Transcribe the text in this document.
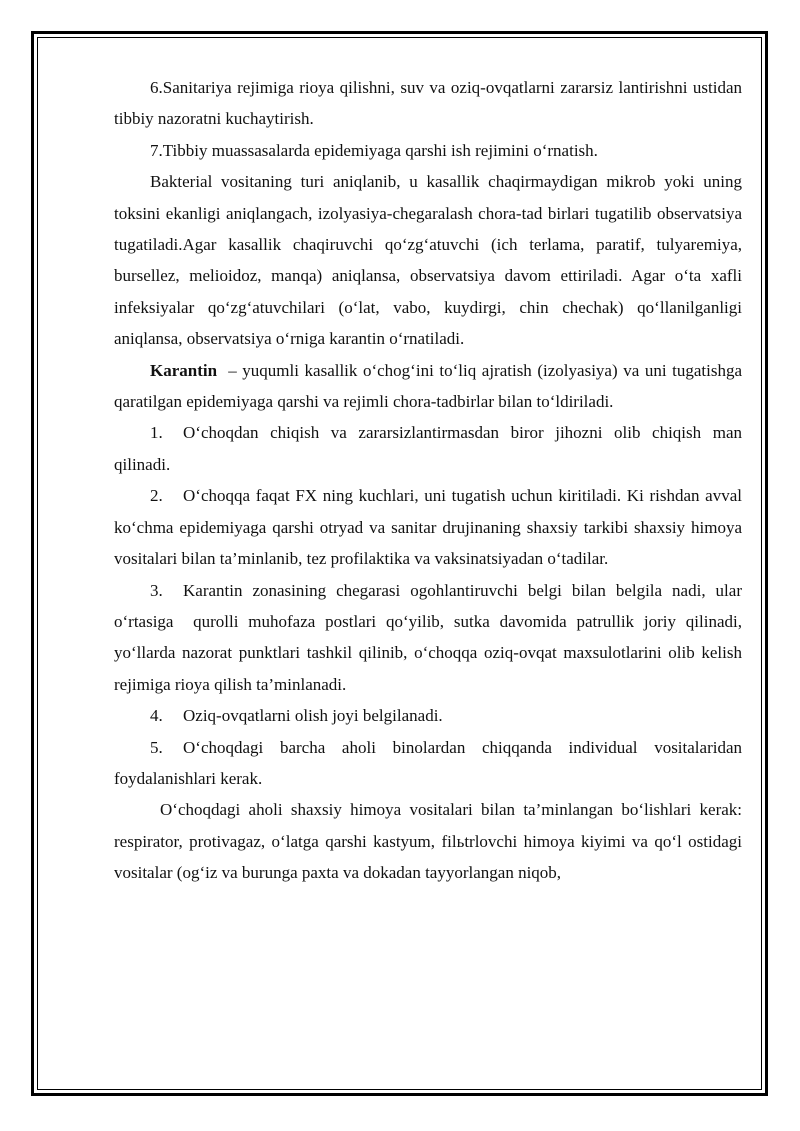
6.Sanitariya rejimiga rioya qilishni, suv va oziq-ovqatlarni zararsiz lantirishni ustidan tibbiy nazoratni kuchaytirish.

7.Tibbiy muassasalarda epidemiyaga qarshi ish rejimini o‘rnatish.

Bakterial vositaning turi aniqlanib, u kasallik chaqirmaydigan mikrob yoki uning toksini ekanligi aniqlangach, izolyasiya-chegaralash chora-tad birlari tugatilib observatsiya tugatiladi.Agar kasallik chaqiruvchi qo‘zg‘atuvchi (ich terlama, paratif, tulyaremiya, bursellez, melioidoz, manqa) aniqlansa, observatsiya davom ettiriladi. Agar o‘ta xafli infeksiyalar qo‘zg‘atuvchilari (o‘lat, vabo, kuydirgi, chin chechak) qo‘llanilganligi aniqlansa, observatsiya o‘rniga karantin o‘rnatiladi.

Karantin  – yuqumli kasallik o‘chog‘ini to‘liq ajratish (izolyasiya) va uni tugatishga qaratilgan epidemiyaga qarshi va rejimli chora-tadbirlar bilan to‘ldiriladi.

1. O‘choqdan chiqish va zararsizlantirmasdan biror jihozni olib chiqish man qilinadi.

2. O‘choqqa faqat FX ning kuchlari, uni tugatish uchun kiritiladi. Ki rishdan avval ko‘chma epidemiyaga qarshi otryad va sanitar drujinaning shaxsiy tarkibi shaxsiy himoya vositalari bilan ta’minlanib, tez profilaktika va vaksinatsiyadan o‘tadilar.

3. Karantin zonasining chegarasi ogohlantiruvchi belgi bilan belgila nadi, ular o‘rtasiga  qurolli muhofaza postlari qo‘yilib, sutka davomida patrullik joriy qilinadi, yo‘llarda nazorat punktlari tashkil qilinib, o‘choqqa oziq-ovqat maxsulotlarini olib kelish rejimiga rioya qilish ta’minlanadi.

4. Oziq-ovqatlarni olish joyi belgilanadi.

5. O‘choqdagi barcha aholi binolardan chiqqanda individual vositalaridan foydalanishlari kerak.

O‘choqdagi aholi shaxsiy himoya vositalari bilan ta’minlangan bo‘lishlari kerak: respirator, protivagaz, o‘latga qarshi kastyum, filьtrlovchi himoya kiyimi va qo‘l ostidagi  vositalar (og‘iz va burunga paxta va dokadan tayyorlangan niqob,
